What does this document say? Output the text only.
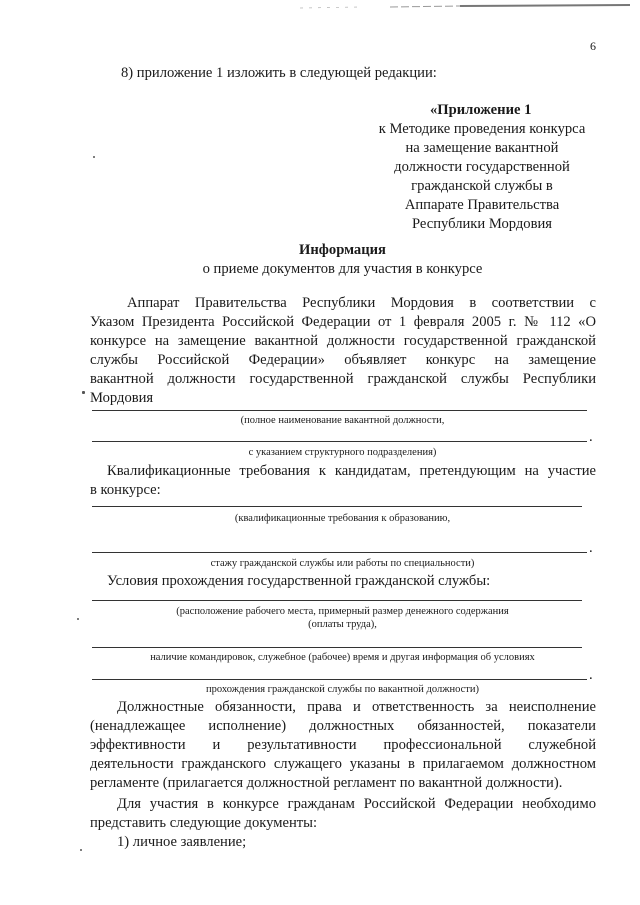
6
8) приложение 1 изложить в следующей редакции:
«Приложение 1
к Методике проведения конкурса
на замещение вакантной
должности государственной
гражданской службы в
Аппарате Правительства
Республики Мордовия
Информация
о приеме документов для участия в конкурсе
Аппарат Правительства Республики Мордовия в соответствии с
Указом Президента Российской Федерации от 1 февраля 2005 г. № 112 «О
конкурсе на замещение вакантной должности государственной гражданской
службы Российской Федерации» объявляет конкурс на замещение
вакантной должности государственной гражданской службы Республики
Мордовия
(полное наименование вакантной должности,
.
с указанием структурного подразделения)
Квалификационные требования к кандидатам, претендующим на участие
в конкурсе:
(квалификационные требования к образованию,
.
стажу гражданской службы или работы по специальности)
Условия прохождения государственной гражданской службы:
(расположение рабочего места, примерный размер денежного содержания
(оплаты труда),
наличие командировок, служебное (рабочее) время и другая информация об условиях
.
прохождения гражданской службы по вакантной должности)
Должностные обязанности, права и ответственность за неисполнение
(ненадлежащее исполнение) должностных обязанностей, показатели
эффективности и результативности профессиональной служебной
деятельности гражданского служащего указаны в прилагаемом должностном
регламенте (прилагается должностной регламент по вакантной должности).
Для участия в конкурсе гражданам Российской Федерации необходимо
представить следующие документы:
1) личное заявление;
